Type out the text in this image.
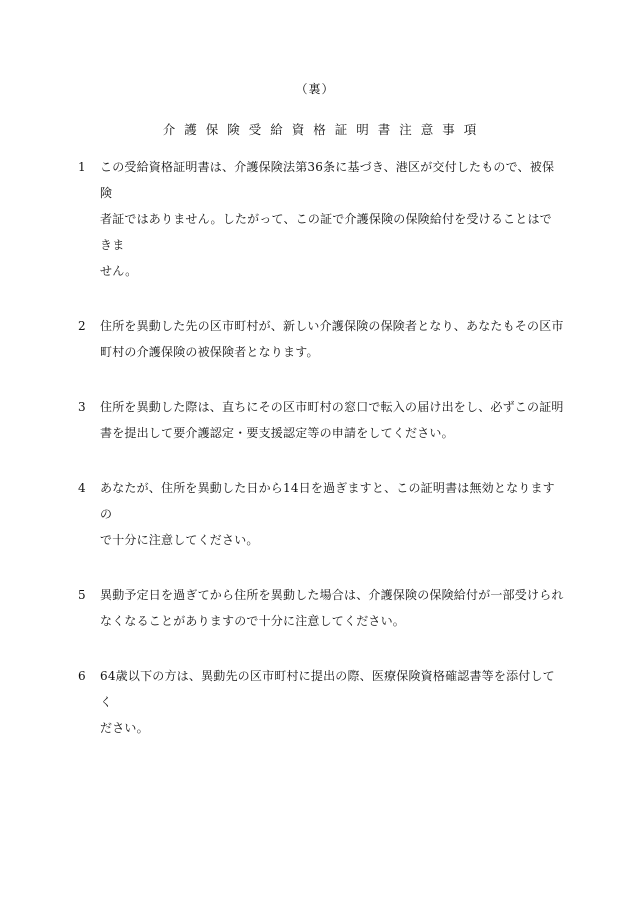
（裏）
介護保険受給資格証明書注意事項
1	この受給資格証明書は、介護保険法第36条に基づき、港区が交付したもので、被保険
者証ではありません。したがって、この証で介護保険の保険給付を受けることはできま
せん。
2	住所を異動した先の区市町村が、新しい介護保険の保険者となり、あなたもその区市
町村の介護保険の被保険者となります。
3	住所を異動した際は、直ちにその区市町村の窓口で転入の届け出をし、必ずこの証明
書を提出して要介護認定・要支援認定等の申請をしてください。
4	あなたが、住所を異動した日から14日を過ぎますと、この証明書は無効となりますの
で十分に注意してください。
5	異動予定日を過ぎてから住所を異動した場合は、介護保険の保険給付が一部受けられ
なくなることがありますので十分に注意してください。
6	64歳以下の方は、異動先の区市町村に提出の際、医療保険資格確認書等を添付してく
ださい。
